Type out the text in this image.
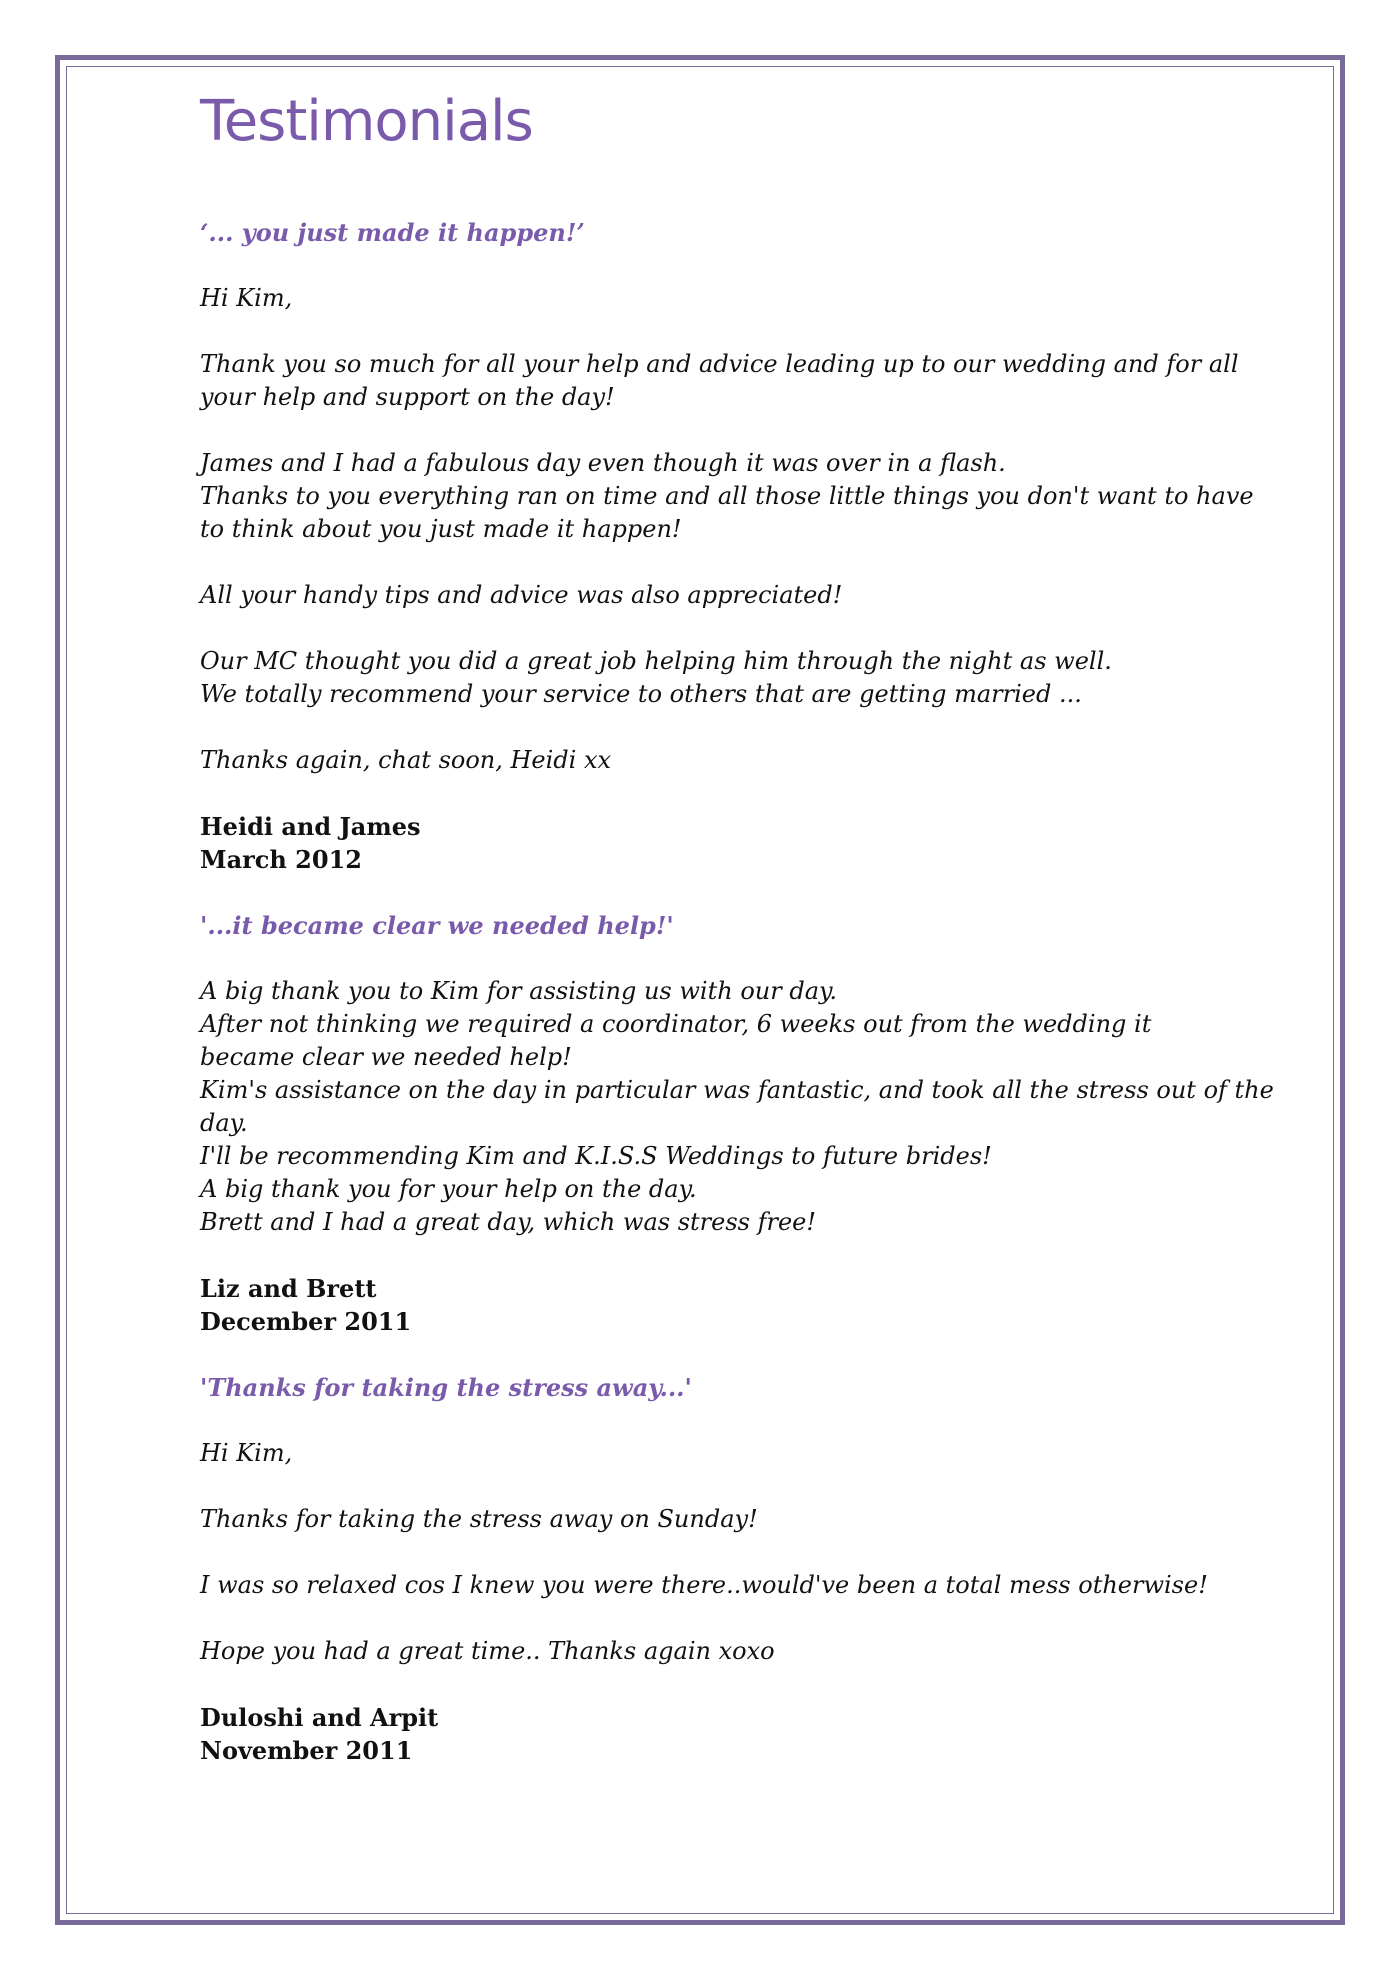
Testimonials

‘... you just made it happen!’

Hi Kim,

Thank you so much for all your help and advice leading up to our wedding and for all

your help and support on the day!

James and I had a fabulous day even though it was over in a flash.

Thanks to you everything ran on time and all those little things you don't want to have

to think about you just made it happen!

All your handy tips and advice was also appreciated!

Our MC thought you did a great job helping him through the night as well.

We totally recommend your service to others that are getting married ...

Thanks again, chat soon, Heidi xx

Heidi and James

March 2012

'...it became clear we needed help!'

A big thank you to Kim for assisting us with our day.

After not thinking we required a coordinator, 6 weeks out from the wedding it

became clear we needed help!

Kim's assistance on the day in particular was fantastic, and took all the stress out of the day.

I'll be recommending Kim and K.I.S.S Weddings to future brides!

A big thank you for your help on the day.

Brett and I had a great day, which was stress free!

Liz and Brett

December 2011

'Thanks for taking the stress away...'

Hi Kim,

Thanks for taking the stress away on Sunday!

I was so relaxed cos I knew you were there..would've been a total mess otherwise!

Hope you had a great time.. Thanks again xoxo

Duloshi and Arpit

November 2011
